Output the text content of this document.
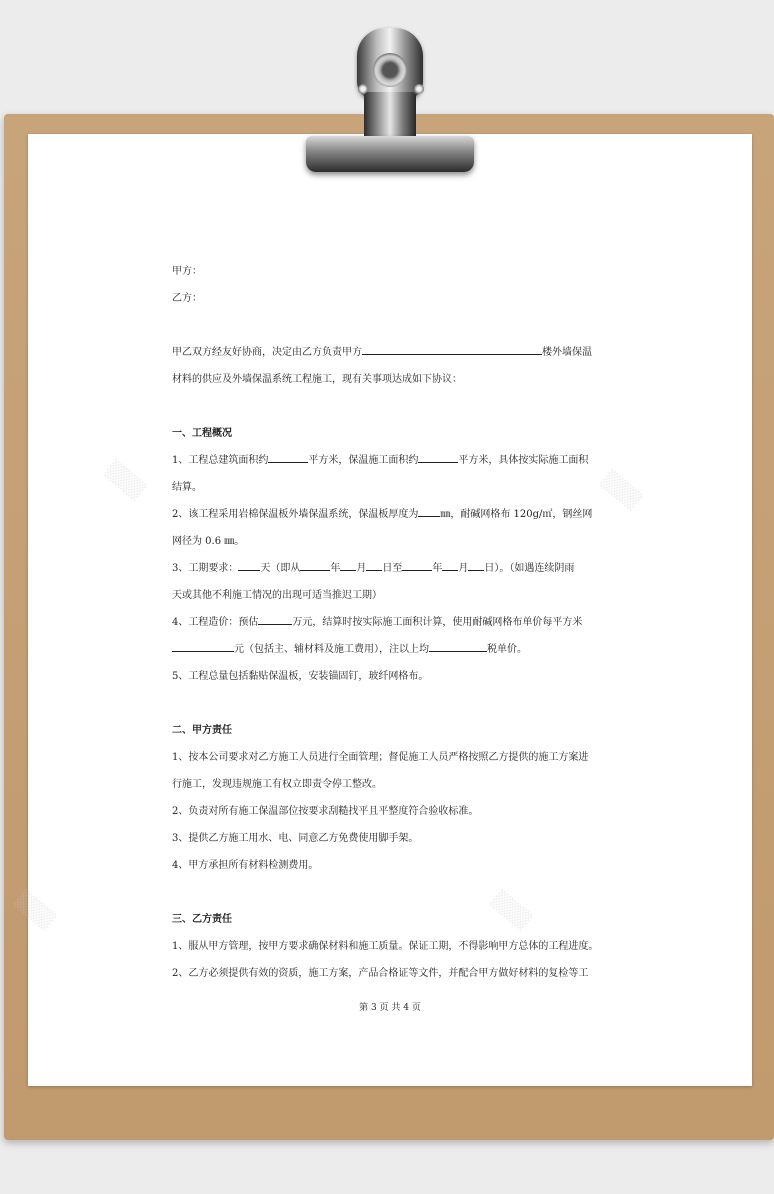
▒▒▒	▒▒▒
▒▒▒	▒▒▒
甲方：
乙方：
甲乙双方经友好协商，决定由乙方负责甲方	楼外墙保温
材料的供应及外墙保温系统工程施工，现有关事项达成如下协议：
一、工程概况
1、工程总建筑面积约	平方米，保温施工面积约	平方米，具体按实际施工面积
结算。
2、该工程采用岩棉保温板外墙保温系统，保温板厚度为 ㎜，耐碱网格布 120g/㎡，钢丝网
网径为 0.6 ㎜。
3、工期要求： 天（即从	年 月 日至	年 月 日）。（如遇连续阴雨
天或其他不利施工情况的出现可适当推迟工期）
4、工程造价：预估	万元，结算时按实际施工面积计算，使用耐碱网格布单价每平方米
元（包括主、辅材料及施工费用），注以上均	税单价。
5、工程总量包括黏贴保温板，安装锚固钉，玻纤网格布。
二、甲方责任
1、按本公司要求对乙方施工人员进行全面管理；督促施工人员严格按照乙方提供的施工方案进
行施工，发现违规施工有权立即责令停工整改。
2、负责对所有施工保温部位按要求刮糙找平且平整度符合验收标准。
3、提供乙方施工用水、电、同意乙方免费使用脚手架。
4、甲方承担所有材料检测费用。
三、乙方责任
1、服从甲方管理，按甲方要求确保材料和施工质量。保证工期，不得影响甲方总体的工程进度。
2、乙方必须提供有效的资质，施工方案，产品合格证等文件，并配合甲方做好材料的复检等工
第 3 页 共 4 页
